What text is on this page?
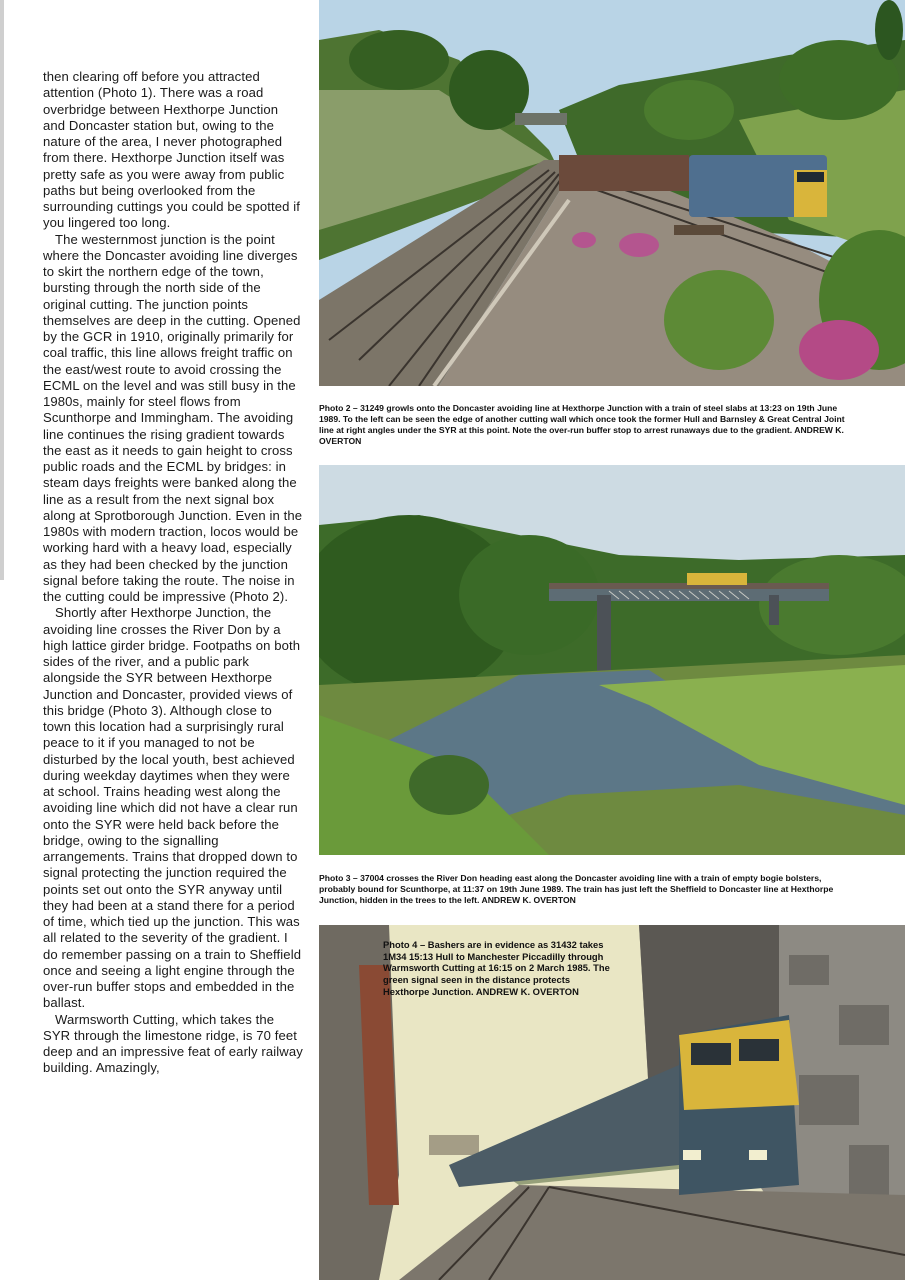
then clearing off before you attracted attention (Photo 1). There was a road overbridge between Hexthorpe Junction and Doncaster station but, owing to the nature of the area, I never photographed from there. Hexthorpe Junction itself was pretty safe as you were away from public paths but being overlooked from the surrounding cuttings you could be spotted if you lingered too long.

The westernmost junction is the point where the Doncaster avoiding line diverges to skirt the northern edge of the town, bursting through the north side of the original cutting. The junction points themselves are deep in the cutting. Opened by the GCR in 1910, originally primarily for coal traffic, this line allows freight traffic on the east/west route to avoid crossing the ECML on the level and was still busy in the 1980s, mainly for steel flows from Scunthorpe and Immingham. The avoiding line continues the rising gradient towards the east as it needs to gain height to cross public roads and the ECML by bridges: in steam days freights were banked along the line as a result from the next signal box along at Sprotborough Junction. Even in the 1980s with modern traction, locos would be working hard with a heavy load, especially as they had been checked by the junction signal before taking the route. The noise in the cutting could be impressive (Photo 2).

Shortly after Hexthorpe Junction, the avoiding line crosses the River Don by a high lattice girder bridge. Footpaths on both sides of the river, and a public park alongside the SYR between Hexthorpe Junction and Doncaster, provided views of this bridge (Photo 3). Although close to town this location had a surprisingly rural peace to it if you managed to not be disturbed by the local youth, best achieved during weekday daytimes when they were at school. Trains heading west along the avoiding line which did not have a clear run onto the SYR were held back before the bridge, owing to the signalling arrangements. Trains that dropped down to signal protecting the junction required the points set out onto the SYR anyway until they had been at a stand there for a period of time, which tied up the junction. This was all related to the severity of the gradient. I do remember passing on a train to Sheffield once and seeing a light engine through the over-run buffer stops and embedded in the ballast.

Warmsworth Cutting, which takes the SYR through the limestone ridge, is 70 feet deep and an impressive feat of early railway building. Amazingly,

Photo 2 – 31249 growls onto the Doncaster avoiding line at Hexthorpe Junction with a train of steel slabs at 13:23 on 19th June 1989. To the left can be seen the edge of another cutting wall which once took the former Hull and Barnsley & Great Central Joint line at right angles under the SYR at this point. Note the over-run buffer stop to arrest runaways due to the gradient. ANDREW K. OVERTON
Photo 3 – 37004 crosses the River Don heading east along the Doncaster avoiding line with a train of empty bogie bolsters, probably bound for Scunthorpe, at 11:37 on 19th June 1989. The train has just left the Sheffield to Doncaster line at Hexthorpe Junction, hidden in the trees to the left. ANDREW K. OVERTON
Photo 4 – Bashers are in evidence as 31432 takes 1M34 15:13 Hull to Manchester Piccadilly through Warmsworth Cutting at 16:15 on 2 March 1985. The green signal seen in the distance protects Hexthorpe Junction. ANDREW K. OVERTON
